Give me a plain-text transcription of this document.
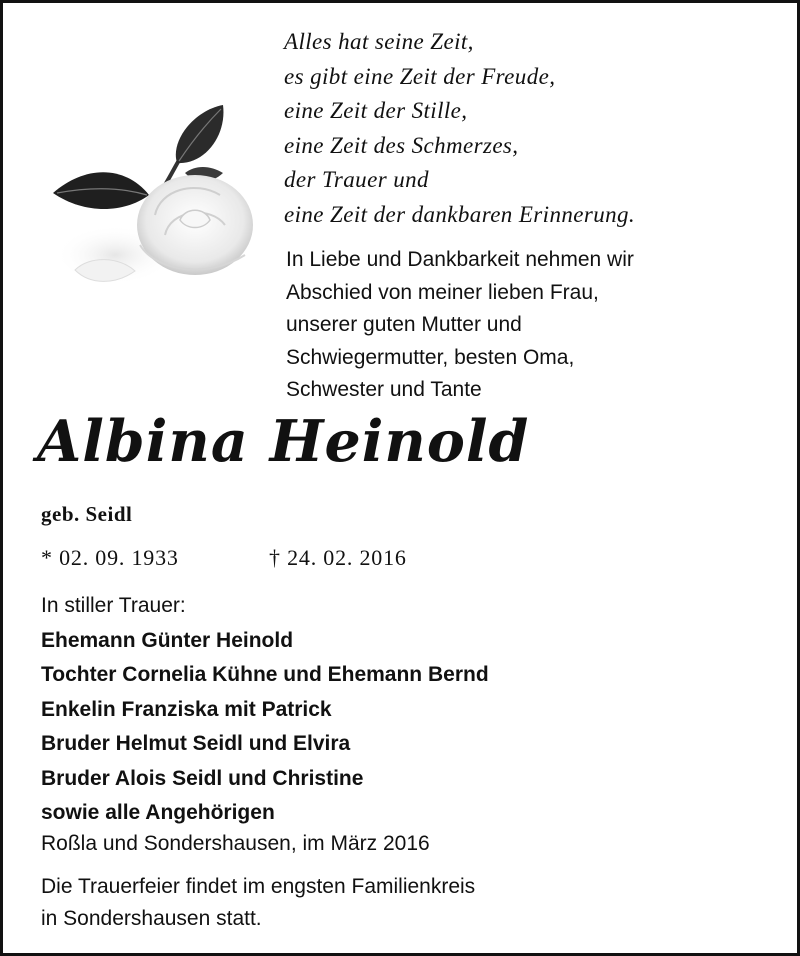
Alles hat seine Zeit,
es gibt eine Zeit der Freude,
eine Zeit der Stille,
eine Zeit des Schmerzes,
der Trauer und
eine Zeit der dankbaren Erinnerung.
In Liebe und Dankbarkeit nehmen wir
Abschied von meiner lieben Frau,
unserer guten Mutter und
Schwiegermutter, besten Oma,
Schwester und Tante
Albina Heinold
geb. Seidl
* 02. 09. 1933	† 24. 02. 2016
In stiller Trauer:
Ehemann Günter Heinold
Tochter Cornelia Kühne und Ehemann Bernd
Enkelin Franziska mit Patrick
Bruder Helmut Seidl und Elvira
Bruder Alois Seidl und Christine
sowie alle Angehörigen
Roßla und Sondershausen, im März 2016
Die Trauerfeier findet im engsten Familienkreis
in Sondershausen statt.
